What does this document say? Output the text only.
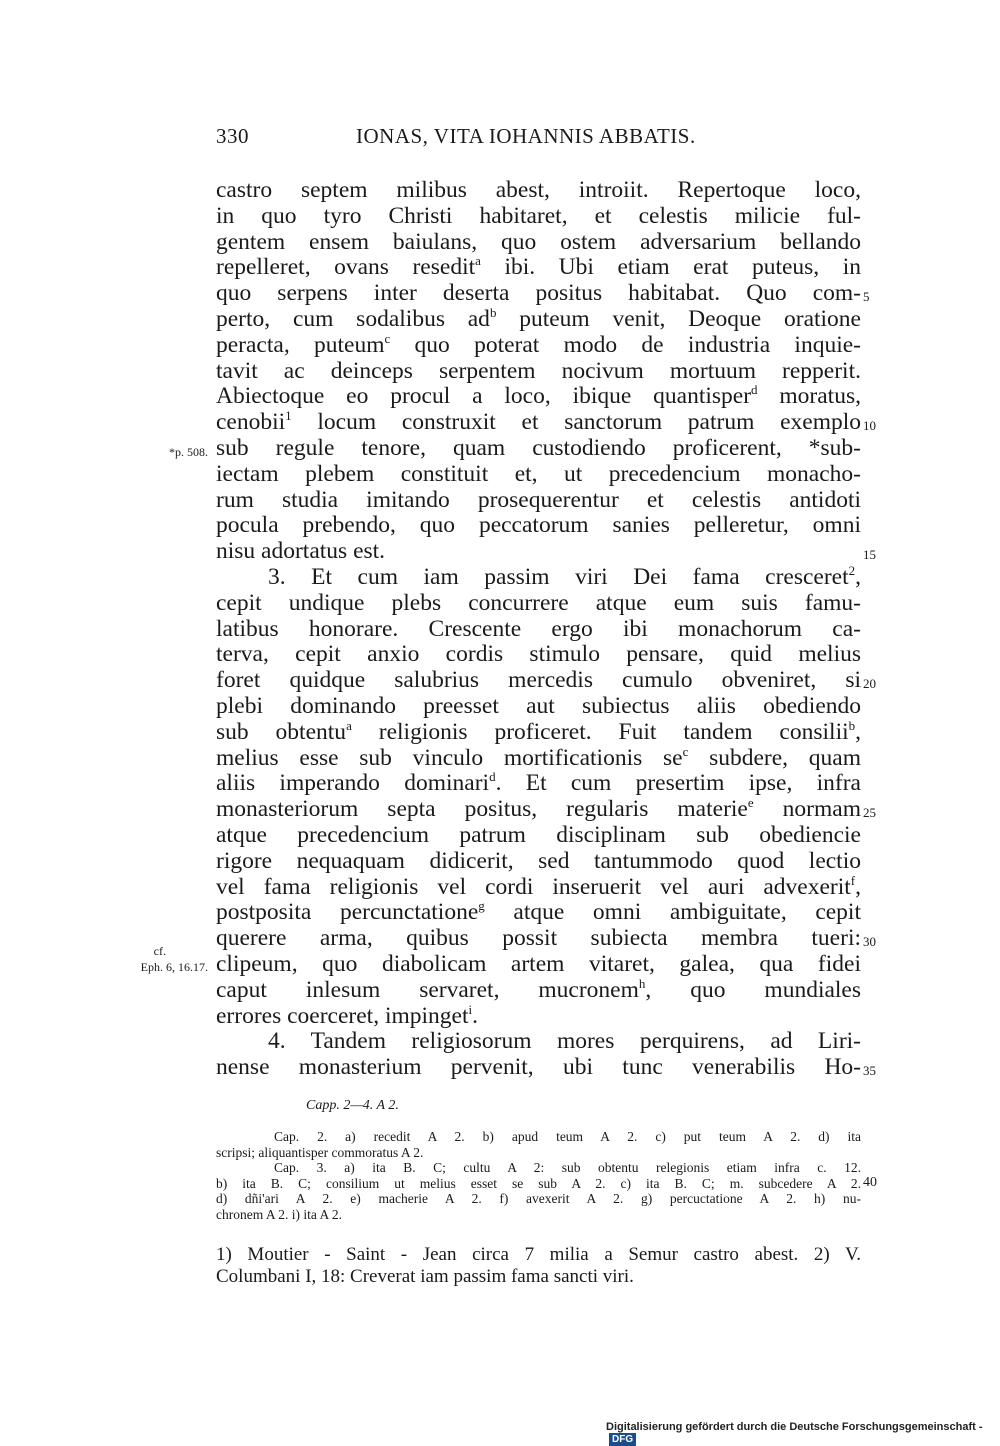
330	IONAS, VITA IOHANNIS ABBATIS.
castro septem milibus abest, introiit. Repertoque loco,
in quo tyro Christi habitaret, et celestis milicie ful-
gentem ensem baiulans, quo ostem adversarium bellando
repelleret, ovans resedit$^a$ ibi. Ubi etiam erat puteus, in
quo serpens inter deserta positus habitabat. Quo com-
perto, cum sodalibus $ad^b$ puteum venit, Deoque oratione
peracta, puteum$^c$ quo poterat modo de industria inquie-
tavit ac deinceps serpentem nocivum mortuum repperit.
Abiectoque eo procul a loco, ibique quantisper$^d$ moratus,
cenobii$^1$ locum construxit et sanctorum patrum exemplo
sub regule tenore, quam custodiendo proficerent, *sub-
iectam plebem constituit et, ut precedencium monacho-
rum studia imitando prosequerentur et celestis antidoti
pocula prebendo, quo peccatorum sanies pelleretur, omni
nisu adortatus est.
3. Et cum iam passim viri Dei fama cresceret$^2$,
cepit undique plebs concurrere atque eum suis famu-
latibus honorare. Crescente ergo ibi monachorum ca-
terva, cepit anxio cordis stimulo pensare, quid melius
foret quidque salubrius mercedis cumulo obveniret, si
plebi dominando preesset aut subiectus aliis obediendo
sub obtentu$^a$ religionis proficeret. Fuit tandem consilii$^b$,
melius esse sub vinculo mortificationis $se^c$ subdere, quam
aliis imperando dominari$^d$. Et cum presertim ipse, infra
monasteriorum septa positus, regularis materie$^e$ normam
atque precedencium patrum disciplinam sub obediencie
rigore nequaquam didicerit, sed tantummodo quod lectio
vel fama religionis vel cordi inseruerit vel auri advexerit$^f$,
postposita percunctatione$^g$ atque omni ambiguitate, cepit
querere arma, quibus possit subiecta membra tueri:
clipeum, quo diabolicam artem vitaret, galea, qua fidei
caput inlesum servaret, mucronem$^h$, quo mundiales
errores coerceret, impinget$^i$.
4. Tandem religiosorum mores perquirens, ad Liri-
nense monasterium pervenit, ubi tunc venerabilis Ho-
5
10
15
20
25
30
35
*p. 508.
cf.
Eph. 6, 16.17.
Capp. 2—4. A 2.
Cap. 2. a) recedit A 2. b) apud teum A 2. c) put teum A 2. d) ita
scripsi; aliquantisper commoratus A 2.
Cap. 3. a) ita B. C; cultu A 2: sub obtentu relegionis etiam infra c. 12.
b) ita B. C; consilium ut melius esset se sub A 2. c) ita B. C; m. subcedere A 2.
d) dñi'ari A 2. e) macherie A 2. f) avexerit A 2. g) percuctatione A 2. h) nu-
chronem A 2. i) ita A 2.
40
1) Moutier - Saint - Jean circa 7 milia a Semur castro abest. 2) V.
Columbani I, 18: Creverat iam passim fama sancti viri.
Digitalisierung gefördert durch die Deutsche Forschungsgemeinschaft -DFG
